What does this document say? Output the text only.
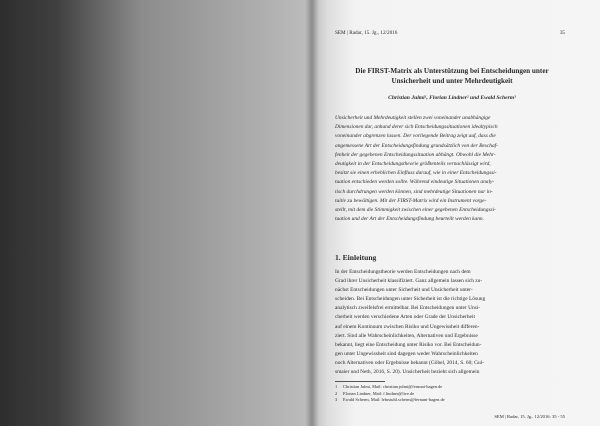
SEM | Radar, 15. Jg., 12/2016	35
Die FIRST-Matrix als Unterstützung bei Entscheidungen unter Unsicherheit und unter Mehrdeutigkeit
Christian Julmi¹, Florian Lindner² und Ewald Scherm³
Unsicherheit und Mehrdeutigkeit stellen zwei voneinander unabhängige
Dimensionen dar, anhand derer sich Entscheidungssituationen idealtypisch
voneinander abgrenzen lassen. Der vorliegende Beitrag zeigt auf, dass die
angemessene Art der Entscheidungsfindung grundsätzlich von der Beschaf-
fenheit der gegebenen Entscheidungssituation abhängt. Obwohl die Mehr-
deutigkeit in der Entscheidungstheorie größtenteils vernachlässigt wird,
besitzt sie einen erheblichen Einfluss darauf, wie in einer Entscheidungssi-
tuation entschieden werden sollte. Während eindeutige Situationen analy-
tisch durchdrungen werden können, sind mehrdeutige Situationen nur in-
tuitiv zu bewältigen. Mit der FIRST-Matrix wird ein Instrument vorge-
stellt, mit dem die Stimmigkeit zwischen einer gegebenen Entscheidungssi-
tuation und der Art der Entscheidungsfindung beurteilt werden kann.
1. Einleitung
In der Entscheidungstheorie werden Entscheidungen nach dem
Grad ihrer Unsicherheit klassifiziert. Ganz allgemein lassen sich zu-
nächst Entscheidungen unter Sicherheit und Unsicherheit unter-
scheiden. Bei Entscheidungen unter Sicherheit ist die richtige Lösung
analytisch zweifelsfrei ermittelbar. Bei Entscheidungen unter Unsi-
cherheit werden verschiedene Arten oder Grade der Unsicherheit
auf einem Kontinuum zwischen Risiko und Ungewissheit differen-
ziert. Sind alle Wahrscheinlichkeiten, Alternativen und Ergebnisse
bekannt, liegt eine Entscheidung unter Risiko vor. Bei Entscheidun-
gen unter Ungewissheit sind dagegen weder Wahrscheinlichkeiten
noch Alternativen oder Ergebnisse bekannt (Göbel, 2014, S. 60; Gul-
smaier und Neth, 2016, S. 20). Unsicherheit bezieht sich allgemein
1 Christian Julmi, Mail: christian.julmi@fernuni-hagen.de
2 Florian Lindner, Mail: f.lindner@live.de
3 Ewald Scherm, Mail: lehrstuhl.scherm@fernuni-hagen.de
SEM | Radar, 15. Jg., 12/2016: 35 - 55
